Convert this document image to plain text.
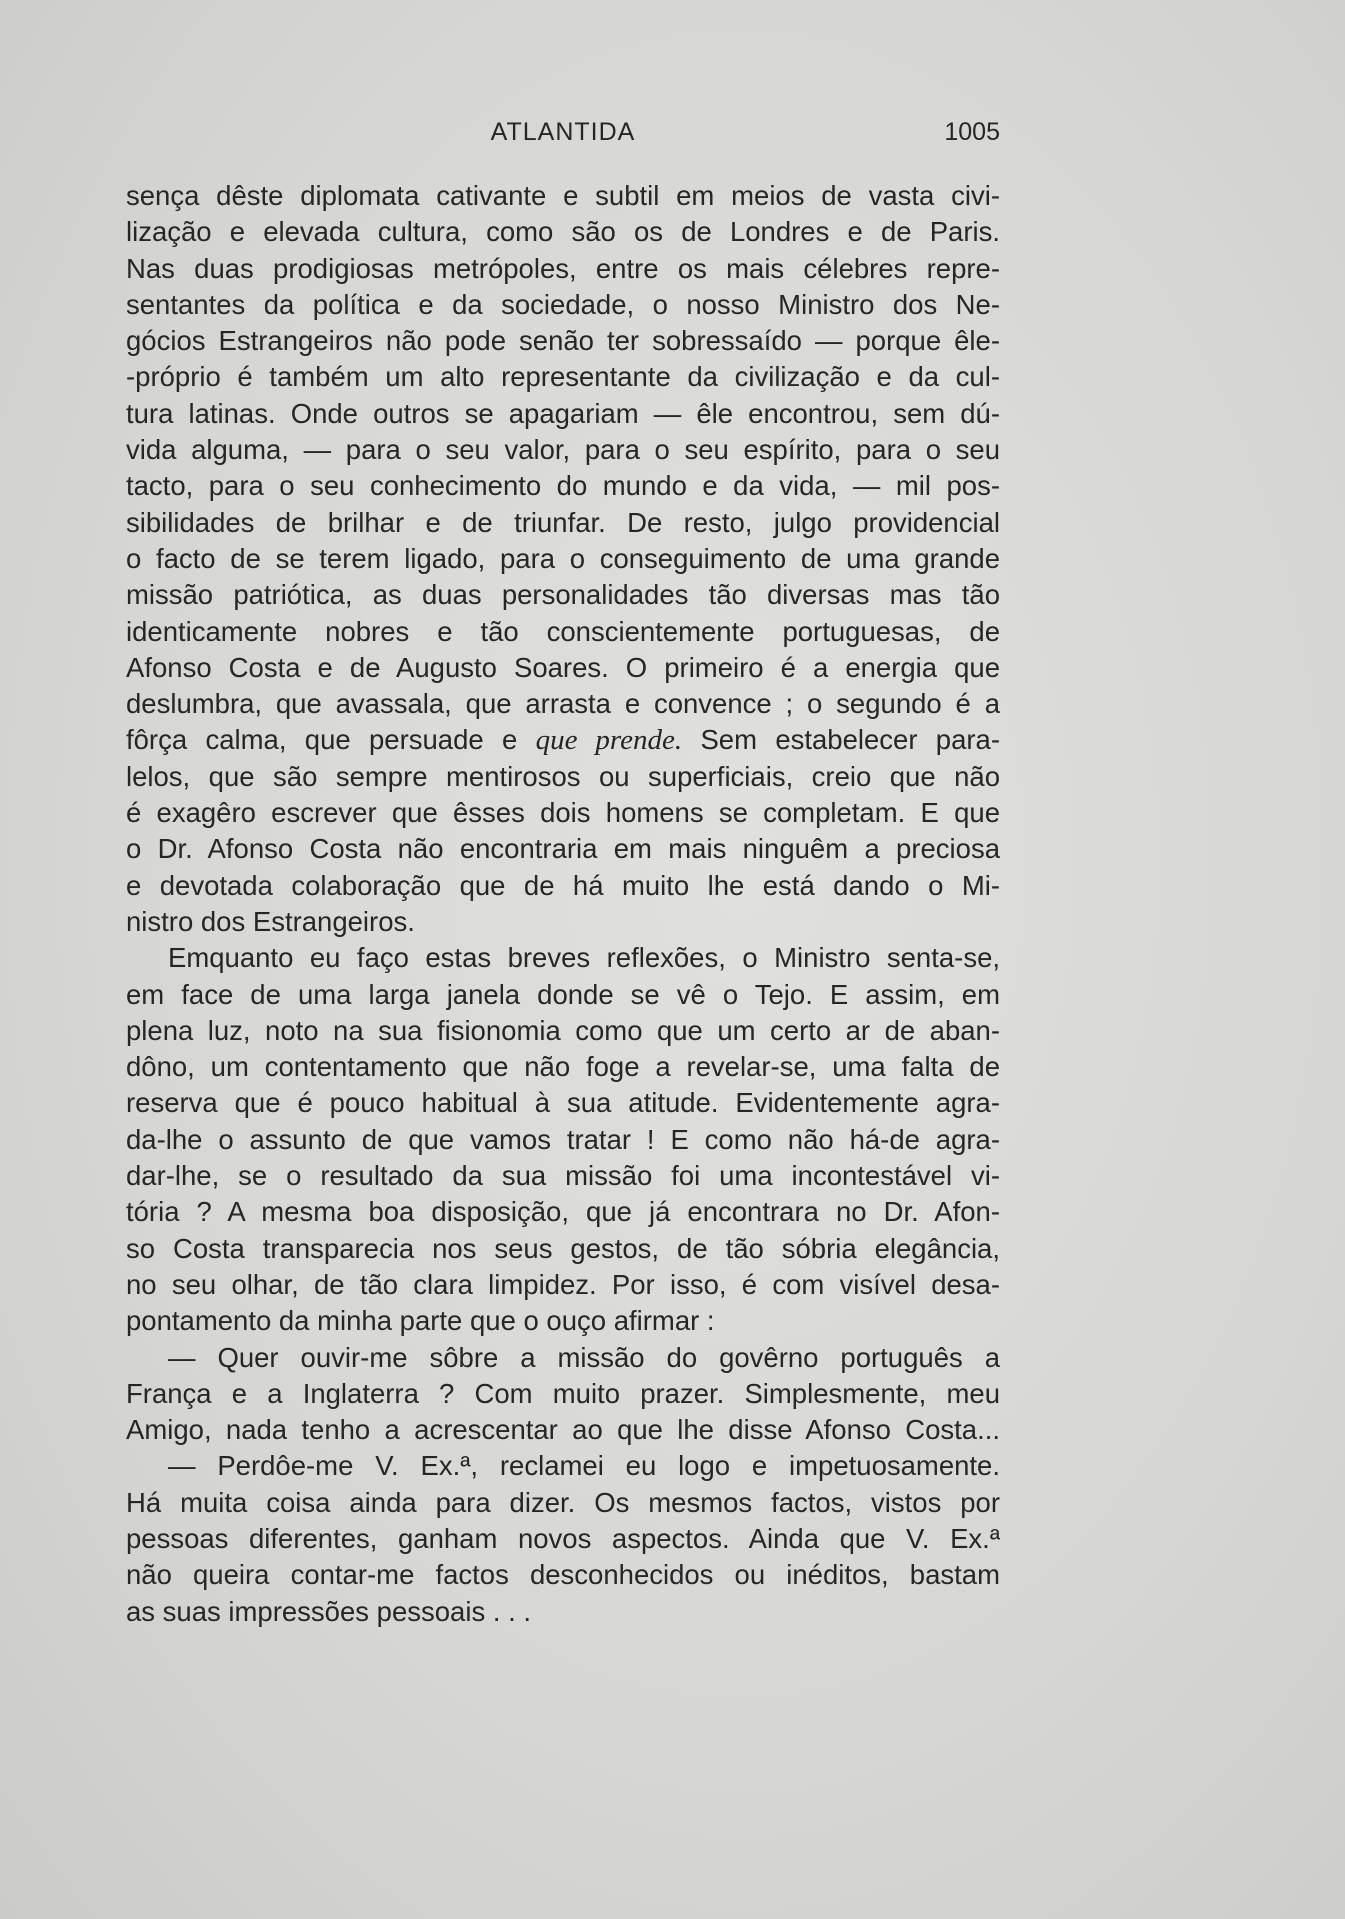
ATLANTIDA	1005
sença dêste diplomata cativante e subtil em meios de vasta civi-
lização e elevada cultura, como são os de Londres e de Paris.
Nas duas prodigiosas metrópoles, entre os mais célebres repre-
sentantes da política e da sociedade, o nosso Ministro dos Ne-
gócios Estrangeiros não pode senão ter sobressaído — porque êle-
-próprio é também um alto representante da civilização e da cul-
tura latinas. Onde outros se apagariam — êle encontrou, sem dú-
vida alguma, — para o seu valor, para o seu espírito, para o seu
tacto, para o seu conhecimento do mundo e da vida, — mil pos-
sibilidades de brilhar e de triunfar. De resto, julgo providencial
o facto de se terem ligado, para o conseguimento de uma grande
missão patriótica, as duas personalidades tão diversas mas tão
identicamente nobres e tão conscientemente portuguesas, de
Afonso Costa e de Augusto Soares. O primeiro é a energia que
deslumbra, que avassala, que arrasta e convence ; o segundo é a
fôrça calma, que persuade e que prende. Sem estabelecer para-
lelos, que são sempre mentirosos ou superficiais, creio que não
é exagêro escrever que êsses dois homens se completam. E que
o Dr. Afonso Costa não encontraria em mais ninguêm a preciosa
e devotada colaboração que de há muito lhe está dando o Mi-
nistro dos Estrangeiros.
Emquanto eu faço estas breves reflexões, o Ministro senta-se,
em face de uma larga janela donde se vê o Tejo. E assim, em
plena luz, noto na sua fisionomia como que um certo ar de aban-
dôno, um contentamento que não foge a revelar-se, uma falta de
reserva que é pouco habitual à sua atitude. Evidentemente agra-
da-lhe o assunto de que vamos tratar ! E como não há-de agra-
dar-lhe, se o resultado da sua missão foi uma incontestável vi-
tória ? A mesma boa disposição, que já encontrara no Dr. Afon-
so Costa transparecia nos seus gestos, de tão sóbria elegância,
no seu olhar, de tão clara limpidez. Por isso, é com visível desa-
pontamento da minha parte que o ouço afirmar :
— Quer ouvir-me sôbre a missão do govêrno português a
França e a Inglaterra ? Com muito prazer. Simplesmente, meu
Amigo, nada tenho a acrescentar ao que lhe disse Afonso Costa...
— Perdôe-me V. Ex.ª, reclamei eu logo e impetuosamente.
Há muita coisa ainda para dizer. Os mesmos factos, vistos por
pessoas diferentes, ganham novos aspectos. Ainda que V. Ex.ª
não queira contar-me factos desconhecidos ou inéditos, bastam
as suas impressões pessoais . . .
